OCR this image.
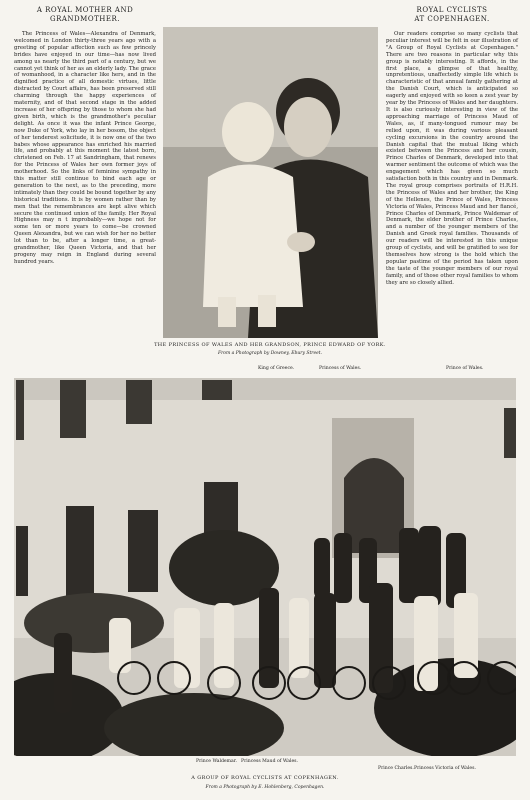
A ROYAL MOTHER AND
GRANDMOTHER.

The Princess of Wales—Alexandra of Denmark, welcomed in London thirty-three years ago with a greeting of popular affection such as few princely brides have enjoyed in our time—has now lived among us nearly the third part of a century, but we cannot yet think of her as an elderly lady. The grace of womanhood, in a character like hers, and in the dignified practice of all domestic virtues, little distracted by Court affairs, has been preserved still charming through the happy experiences of maternity, and of that second stage in the added increase of her offspring by those to whom she had given birth, which is the grandmother's peculiar delight. As once it was the infant Prince George, now Duke of York, who lay in her bosom, the object of her tenderest solicitude, it is now one of the two babes whose appearance has enriched his married life, and probably at this moment the latest born, christened on Feb. 17 at Sandringham, that renews for the Princess of Wales her own former joys of motherhood. So the links of feminine sympathy in this matter still continue to bind each age or generation to the next, as to the preceding, more intimately than they could be bound together by any historical traditions. It is by women rather than by men that the remembrances are kept alive which secure the continued union of the family. Her Royal Highness may n t improbably—we hope not for some ten or more years to come—be crowned Queen Alexandra, but we can wish for her no better lot than to be, after a longer time, a great-grandmother, like Queen Victoria, and that her progeny may reign in England during several hundred years.

THE PRINCESS OF WALES AND HER GRANDSON, PRINCE EDWARD OF YORK.
From a Photograph by Downey, Ebury Street.
ROYAL CYCLISTS
AT COPENHAGEN.

Our readers comprise so many cyclists that peculiar interest will be felt in our illustration of "A Group of Royal Cyclists at Copenhagen." There are two reasons in particular why this group is notably interesting. It affords, in the first place, a glimpse of that healthy, unpretentious, unaffectedly simple life which is characteristic of that annual family gathering at the Danish Court, which is anticipated so eagerly and enjoyed with so keen a zest year by year by the Princess of Wales and her daughters. It is also curiously interesting in view of the approaching marriage of Princess Maud of Wales, as, if many-tongued rumour may be relied upon, it was during various pleasant cycling excursions in the country around the Danish capital that the mutual liking which existed between the Princess and her cousin, Prince Charles of Denmark, developed into that warmer sentiment the outcome of which was the engagement which has given so much satisfaction both in this country and in Denmark. The royal group comprises portraits of H.R.H. the Princess of Wales and her brother, the King of the Hellenes, the Prince of Wales, Princess Victoria of Wales, Princess Maud and her fiancé, Prince Charles of Denmark, Prince Waldemar of Denmark, the elder brother of Prince Charles, and a number of the younger members of the Danish and Greek royal families. Thousands of our readers will be interested in this unique group of cyclists, and will be gratified to see for themselves how strong is the hold which the popular pastime of the period has taken upon the taste of the younger members of our royal family, and of those other royal families to whom they are so closely allied.

King of Greece.	Princess of Wales.	Prince of Wales.
Prince Waldemar. Princess Maud of Wales.
Prince Charles. Princess Victoria of Wales.
A GROUP OF ROYAL CYCLISTS AT COPENHAGEN.
From a Photograph by E. Hohlenberg, Copenhagen.
